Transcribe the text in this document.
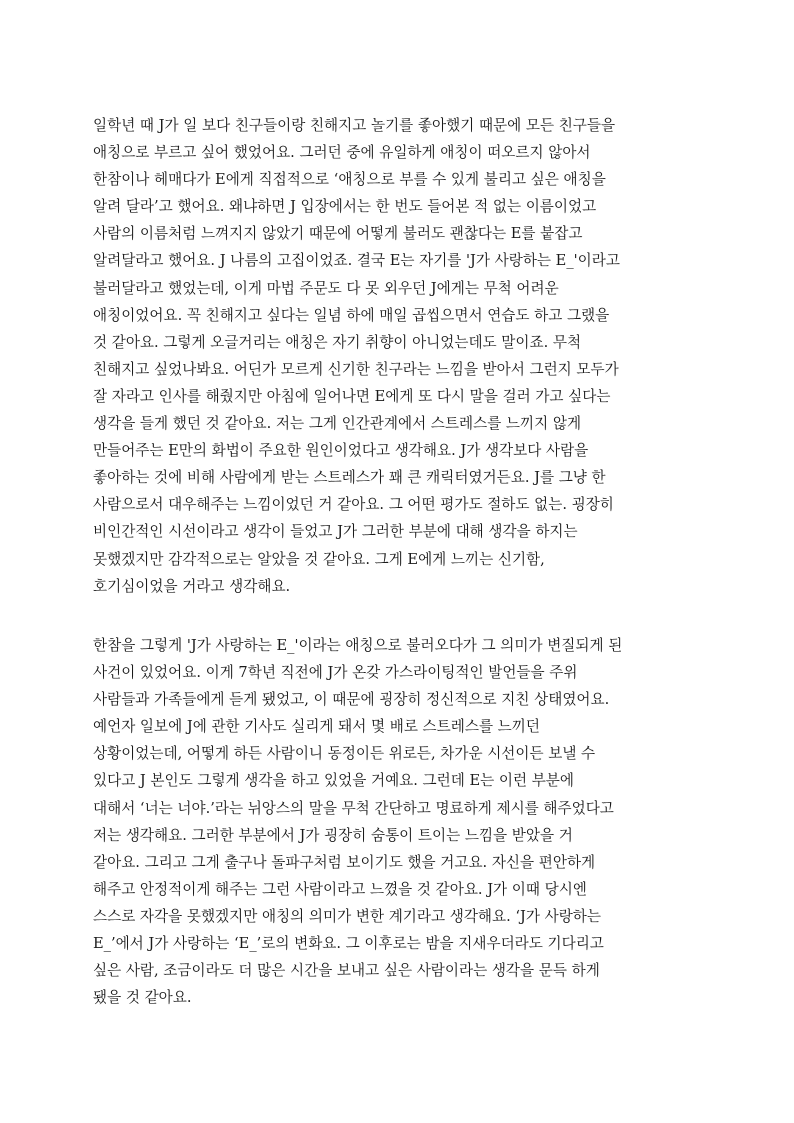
일학년 때 J가 일 보다 친구들이랑 친해지고 놀기를 좋아했기 때문에 모든 친구들을
애칭으로 부르고 싶어 했었어요. 그러던 중에 유일하게 애칭이 떠오르지 않아서
한참이나 헤매다가 E에게 직접적으로 ‘애칭으로 부를 수 있게 불리고 싶은 애칭을
알려 달라’고 했어요. 왜냐하면 J 입장에서는 한 번도 들어본 적 없는 이름이었고
사람의 이름처럼 느껴지지 않았기 때문에 어떻게 불러도 괜찮다는 E를 붙잡고
알려달라고 했어요. J 나름의 고집이었죠. 결국 E는 자기를 'J가 사랑하는 E_'이라고
불러달라고 했었는데, 이게 마법 주문도 다 못 외우던 J에게는 무척 어려운
애칭이었어요. 꼭 친해지고 싶다는 일념 하에 매일 곱씹으면서 연습도 하고 그랬을
것 같아요. 그렇게 오글거리는 애칭은 자기 취향이 아니었는데도 말이죠. 무척
친해지고 싶었나봐요. 어딘가 모르게 신기한 친구라는 느낌을 받아서 그런지 모두가
잘 자라고 인사를 해줬지만 아침에 일어나면 E에게 또 다시 말을 걸러 가고 싶다는
생각을 들게 했던 것 같아요. 저는 그게 인간관계에서 스트레스를 느끼지 않게
만들어주는 E만의 화법이 주요한 원인이었다고 생각해요. J가 생각보다 사람을
좋아하는 것에 비해 사람에게 받는 스트레스가 꽤 큰 캐릭터였거든요. J를 그냥 한
사람으로서 대우해주는 느낌이었던 거 같아요. 그 어떤 평가도 절하도 없는. 굉장히
비인간적인 시선이라고 생각이 들었고 J가 그러한 부분에 대해 생각을 하지는
못했겠지만 감각적으로는 알았을 것 같아요. 그게 E에게 느끼는 신기함,
호기심이었을 거라고 생각해요.
한참을 그렇게 'J가 사랑하는 E_'이라는 애칭으로 불러오다가 그 의미가 변질되게 된
사건이 있었어요. 이게 7학년 직전에 J가 온갖 가스라이팅적인 발언들을 주위
사람들과 가족들에게 듣게 됐었고, 이 때문에 굉장히 정신적으로 지친 상태였어요.
예언자 일보에 J에 관한 기사도 실리게 돼서 몇 배로 스트레스를 느끼던
상황이었는데, 어떻게 하든 사람이니 동정이든 위로든, 차가운 시선이든 보낼 수
있다고 J 본인도 그렇게 생각을 하고 있었을 거예요. 그런데 E는 이런 부분에
대해서 ‘너는 너야.’라는 뉘앙스의 말을 무척 간단하고 명료하게 제시를 해주었다고
저는 생각해요. 그러한 부분에서 J가 굉장히 숨통이 트이는 느낌을 받았을 거
같아요. 그리고 그게 출구나 돌파구처럼 보이기도 했을 거고요. 자신을 편안하게
해주고 안정적이게 해주는 그런 사람이라고 느꼈을 것 같아요. J가 이때 당시엔
스스로 자각을 못했겠지만 애칭의 의미가 변한 계기라고 생각해요. ‘J가 사랑하는
E_’에서 J가 사랑하는 ‘E_’로의 변화요. 그 이후로는 밤을 지새우더라도 기다리고
싶은 사람, 조금이라도 더 많은 시간을 보내고 싶은 사람이라는 생각을 문득 하게
됐을 것 같아요.
